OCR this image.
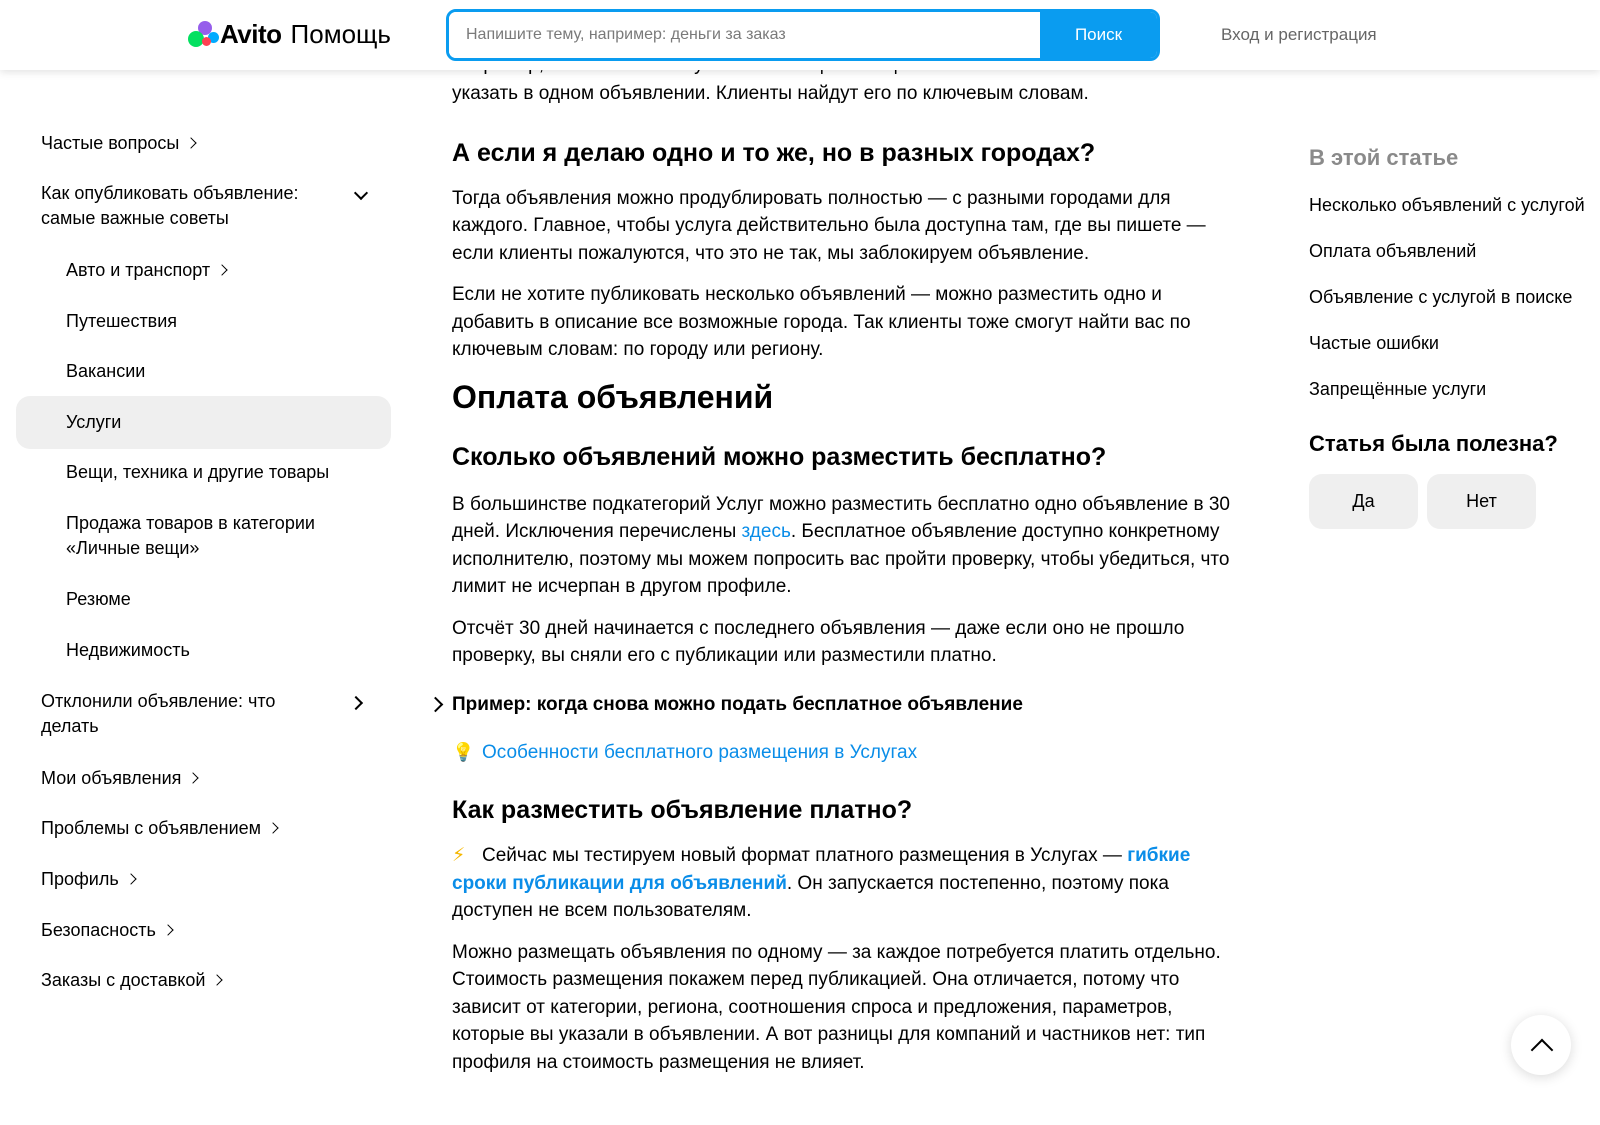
указать в одном объявлении. Клиенты найдут его по ключевым словам.

А если я делаю одно и то же, но в разных городах?

Тогда объявления можно продублировать полностью — с разными городами для каждого. Главное, чтобы услуга действительно была доступна там, где вы пишете — если клиенты пожалуются, что это не так, мы заблокируем объявление.

Если не хотите публиковать несколько объявлений — можно разместить одно и добавить в описание все возможные города. Так клиенты тоже смогут найти вас по ключевым словам: по городу или региону.

Оплата объявлений
Сколько объявлений можно разместить бесплатно?

В большинстве подкатегорий Услуг можно разместить бесплатно одно объявление в 30 дней. Исключения перечислены здесь. Бесплатное объявление доступно конкретному исполнителю, поэтому мы можем попросить вас пройти проверку, чтобы убедиться, что лимит не исчерпан в другом профиле.

Отсчёт 30 дней начинается с последнего объявления — даже если оно не прошло проверку, вы сняли его с публикации или разместили платно.

Пример: когда снова можно подать бесплатное объявление
💡 Особенности бесплатного размещения в Услугах
Как разместить объявление платно?

⚡ Сейчас мы тестируем новый формат платного размещения в Услугах — гибкие сроки публикации для объявлений. Он запускается постепенно, поэтому пока доступен не всем пользователям.

Можно размещать объявления по одному — за каждое потребуется платить отдельно. Стоимость размещения покажем перед публикацией. Она отличается, потому что зависит от категории, региона, соотношения спроса и предложения, параметров, которые вы указали в объявлении. А вот разницы для компаний и частников нет: тип профиля на стоимость размещения не влияет.

Avito Помощь
Напишите тему, например: деньги за заказ	Поиск	Вход и регистрация
Частые вопросы
Как опубликовать объявление: самые важные советы
Авто и транспорт
Путешествия
Вакансии
Услуги
Вещи, техника и другие товары
Продажа товаров в категории «Личные вещи»
Резюме
Недвижимость
Отклонили объявление: что делать
Мои объявления
Проблемы с объявлением
Профиль
Безопасность
Заказы с доставкой
В этой статье
Несколько объявлений с услугой
Оплата объявлений
Объявление с услугой в поиске
Частые ошибки
Запрещённые услуги
Статья была полезна?
Да	Нет
